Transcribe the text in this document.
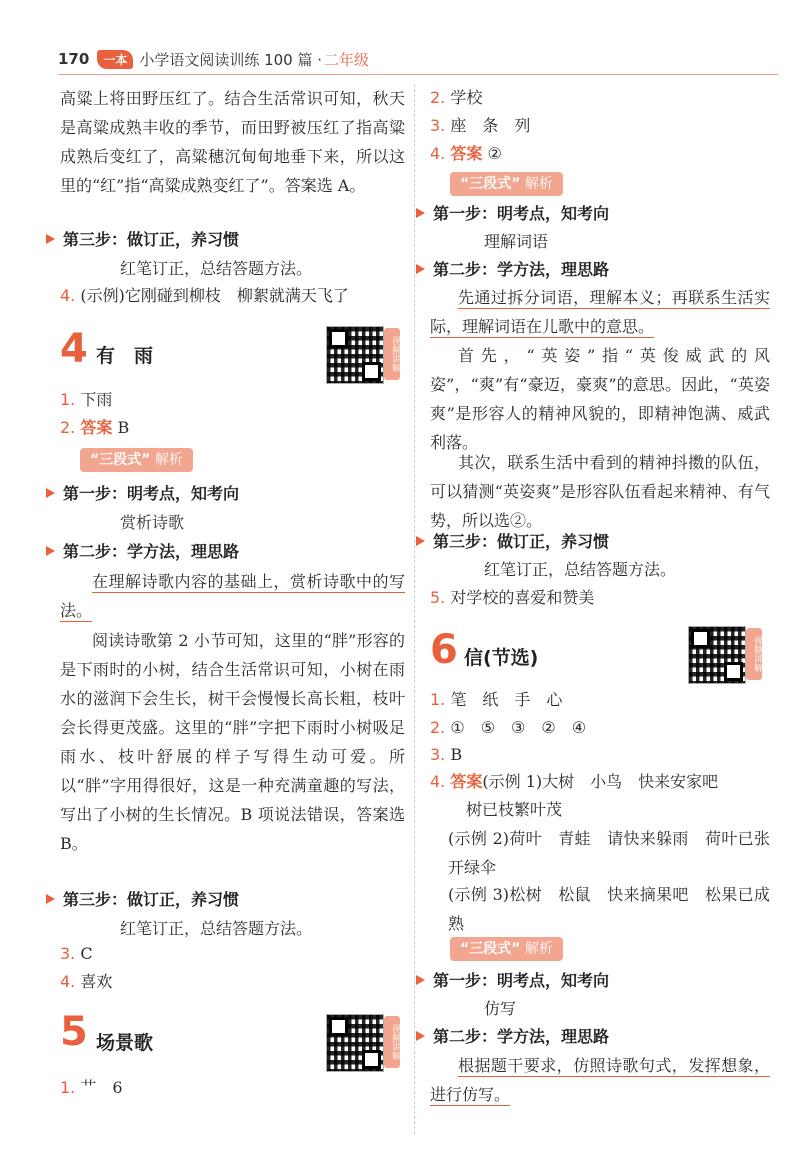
170	一本 小学语文阅读训练 100 篇 · 二年级
高粱上将田野压红了。结合生活常识可知，秋天是高粱成熟丰收的季节，而田野被压红了指高粱成熟后变红了，高粱穗沉甸甸地垂下来，所以这里的“红”指“高粱成熟变红了”。答案选 A。
第三步：做订正，养习惯
红笔订正，总结答题方法。
4. (示例)它刚碰到柳枝　柳絮就满天飞了
4 有　雨	视频讲解
1. 下雨
2. 答案 B
“三段式” 解析
第一步：明考点，知考向
赏析诗歌
第二步：学方法，理思路
在理解诗歌内容的基础上，赏析诗歌中的写法。
阅读诗歌第 2 小节可知，这里的“胖”形容的是下雨时的小树，结合生活常识可知，小树在雨水的滋润下会生长，树干会慢慢长高长粗，枝叶会长得更茂盛。这里的“胖”字把下雨时小树吸足雨水、枝叶舒展的样子写得生动可爱。所以“胖”字用得很好，这是一种充满童趣的写法，写出了小树的生长情况。B 项说法错误，答案选 B。
第三步：做订正，养习惯
红笔订正，总结答题方法。
3. C
4. 喜欢
5 场景歌	视频讲解
1. 艹　6
2. 学校
3. 座　条　列
4. 答案 ②
“三段式” 解析
第一步：明考点，知考向
理解词语
第二步：学方法，理思路
先通过拆分词语，理解本义；再联系生活实际，理解词语在儿歌中的意思。
首先，“英姿”指“英俊威武的风姿”，“爽”有“豪迈，豪爽”的意思。因此，“英姿爽”是形容人的精神风貌的，即精神饱满、威武利落。
其次，联系生活中看到的精神抖擞的队伍，可以猜测“英姿爽”是形容队伍看起来精神、有气势，所以选②。
第三步：做订正，养习惯
红笔订正，总结答题方法。
5. 对学校的喜爱和赞美
6 信(节选)	视频讲解
1. 笔　纸　手　心
2. ①　⑤　③　②　④
3. B
4. 答案(示例 1)大树　小鸟　快来安家吧
树已枝繁叶茂
(示例 2)荷叶　青蛙　请快来躲雨　荷叶已张开绿伞
(示例 3)松树　松鼠　快来摘果吧　松果已成熟
“三段式” 解析
第一步：明考点，知考向
仿写
第二步：学方法，理思路
根据题干要求，仿照诗歌句式，发挥想象，进行仿写。
